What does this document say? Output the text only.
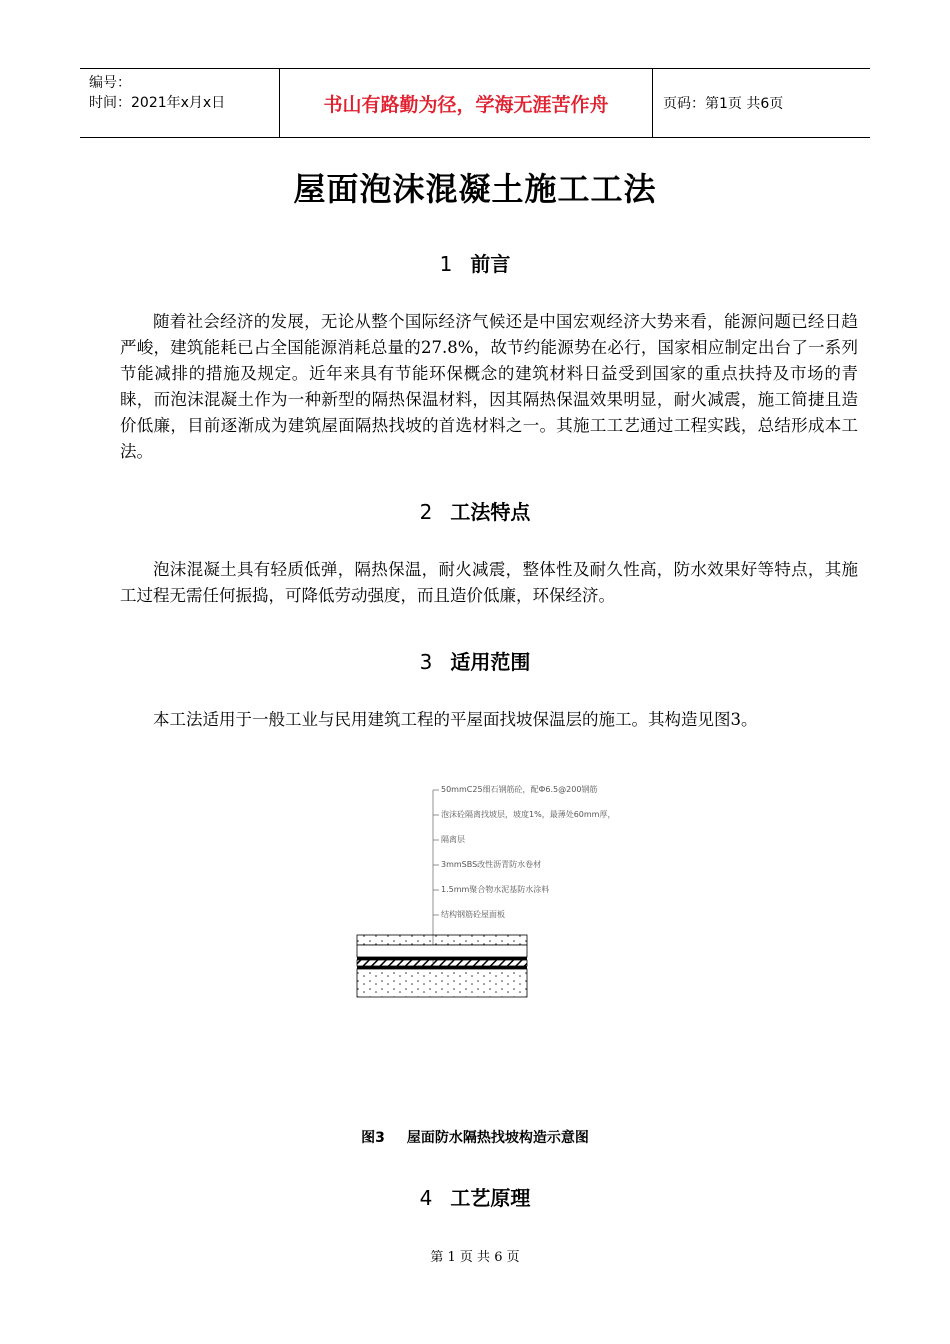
编号：
时间：2021年x月x日	书山有路勤为径，学海无涯苦作舟	页码：第1页 共6页
屋面泡沫混凝土施工工法
1 前言
随着社会经济的发展，无论从整个国际经济气候还是中国宏观经济大势来看，能源问题已经日趋严峻，建筑能耗已占全国能源消耗总量的27.8%，故节约能源势在必行，国家相应制定出台了一系列节能减排的措施及规定。近年来具有节能环保概念的建筑材料日益受到国家的重点扶持及市场的青睐，而泡沫混凝土作为一种新型的隔热保温材料，因其隔热保温效果明显，耐火减震，施工简捷且造价低廉，目前逐渐成为建筑屋面隔热找坡的首选材料之一。其施工工艺通过工程实践，总结形成本工法。
2 工法特点
泡沫混凝土具有轻质低弹，隔热保温，耐火减震，整体性及耐久性高，防水效果好等特点，其施工过程无需任何振捣，可降低劳动强度，而且造价低廉，环保经济。
3 适用范围
本工法适用于一般工业与民用建筑工程的平屋面找坡保温层的施工。其构造见图3。
50mmC25细石钢筋砼，配Ф6.5@200钢筋
泡沫砼隔离找坡层，坡度1%，最薄处60mm厚，
隔离层
3mmSBS改性沥青防水卷材
1.5mm聚合物水泥基防水涂料
结构钢筋砼屋面板
图3 屋面防水隔热找坡构造示意图
4 工艺原理
第 1 页 共 6 页
